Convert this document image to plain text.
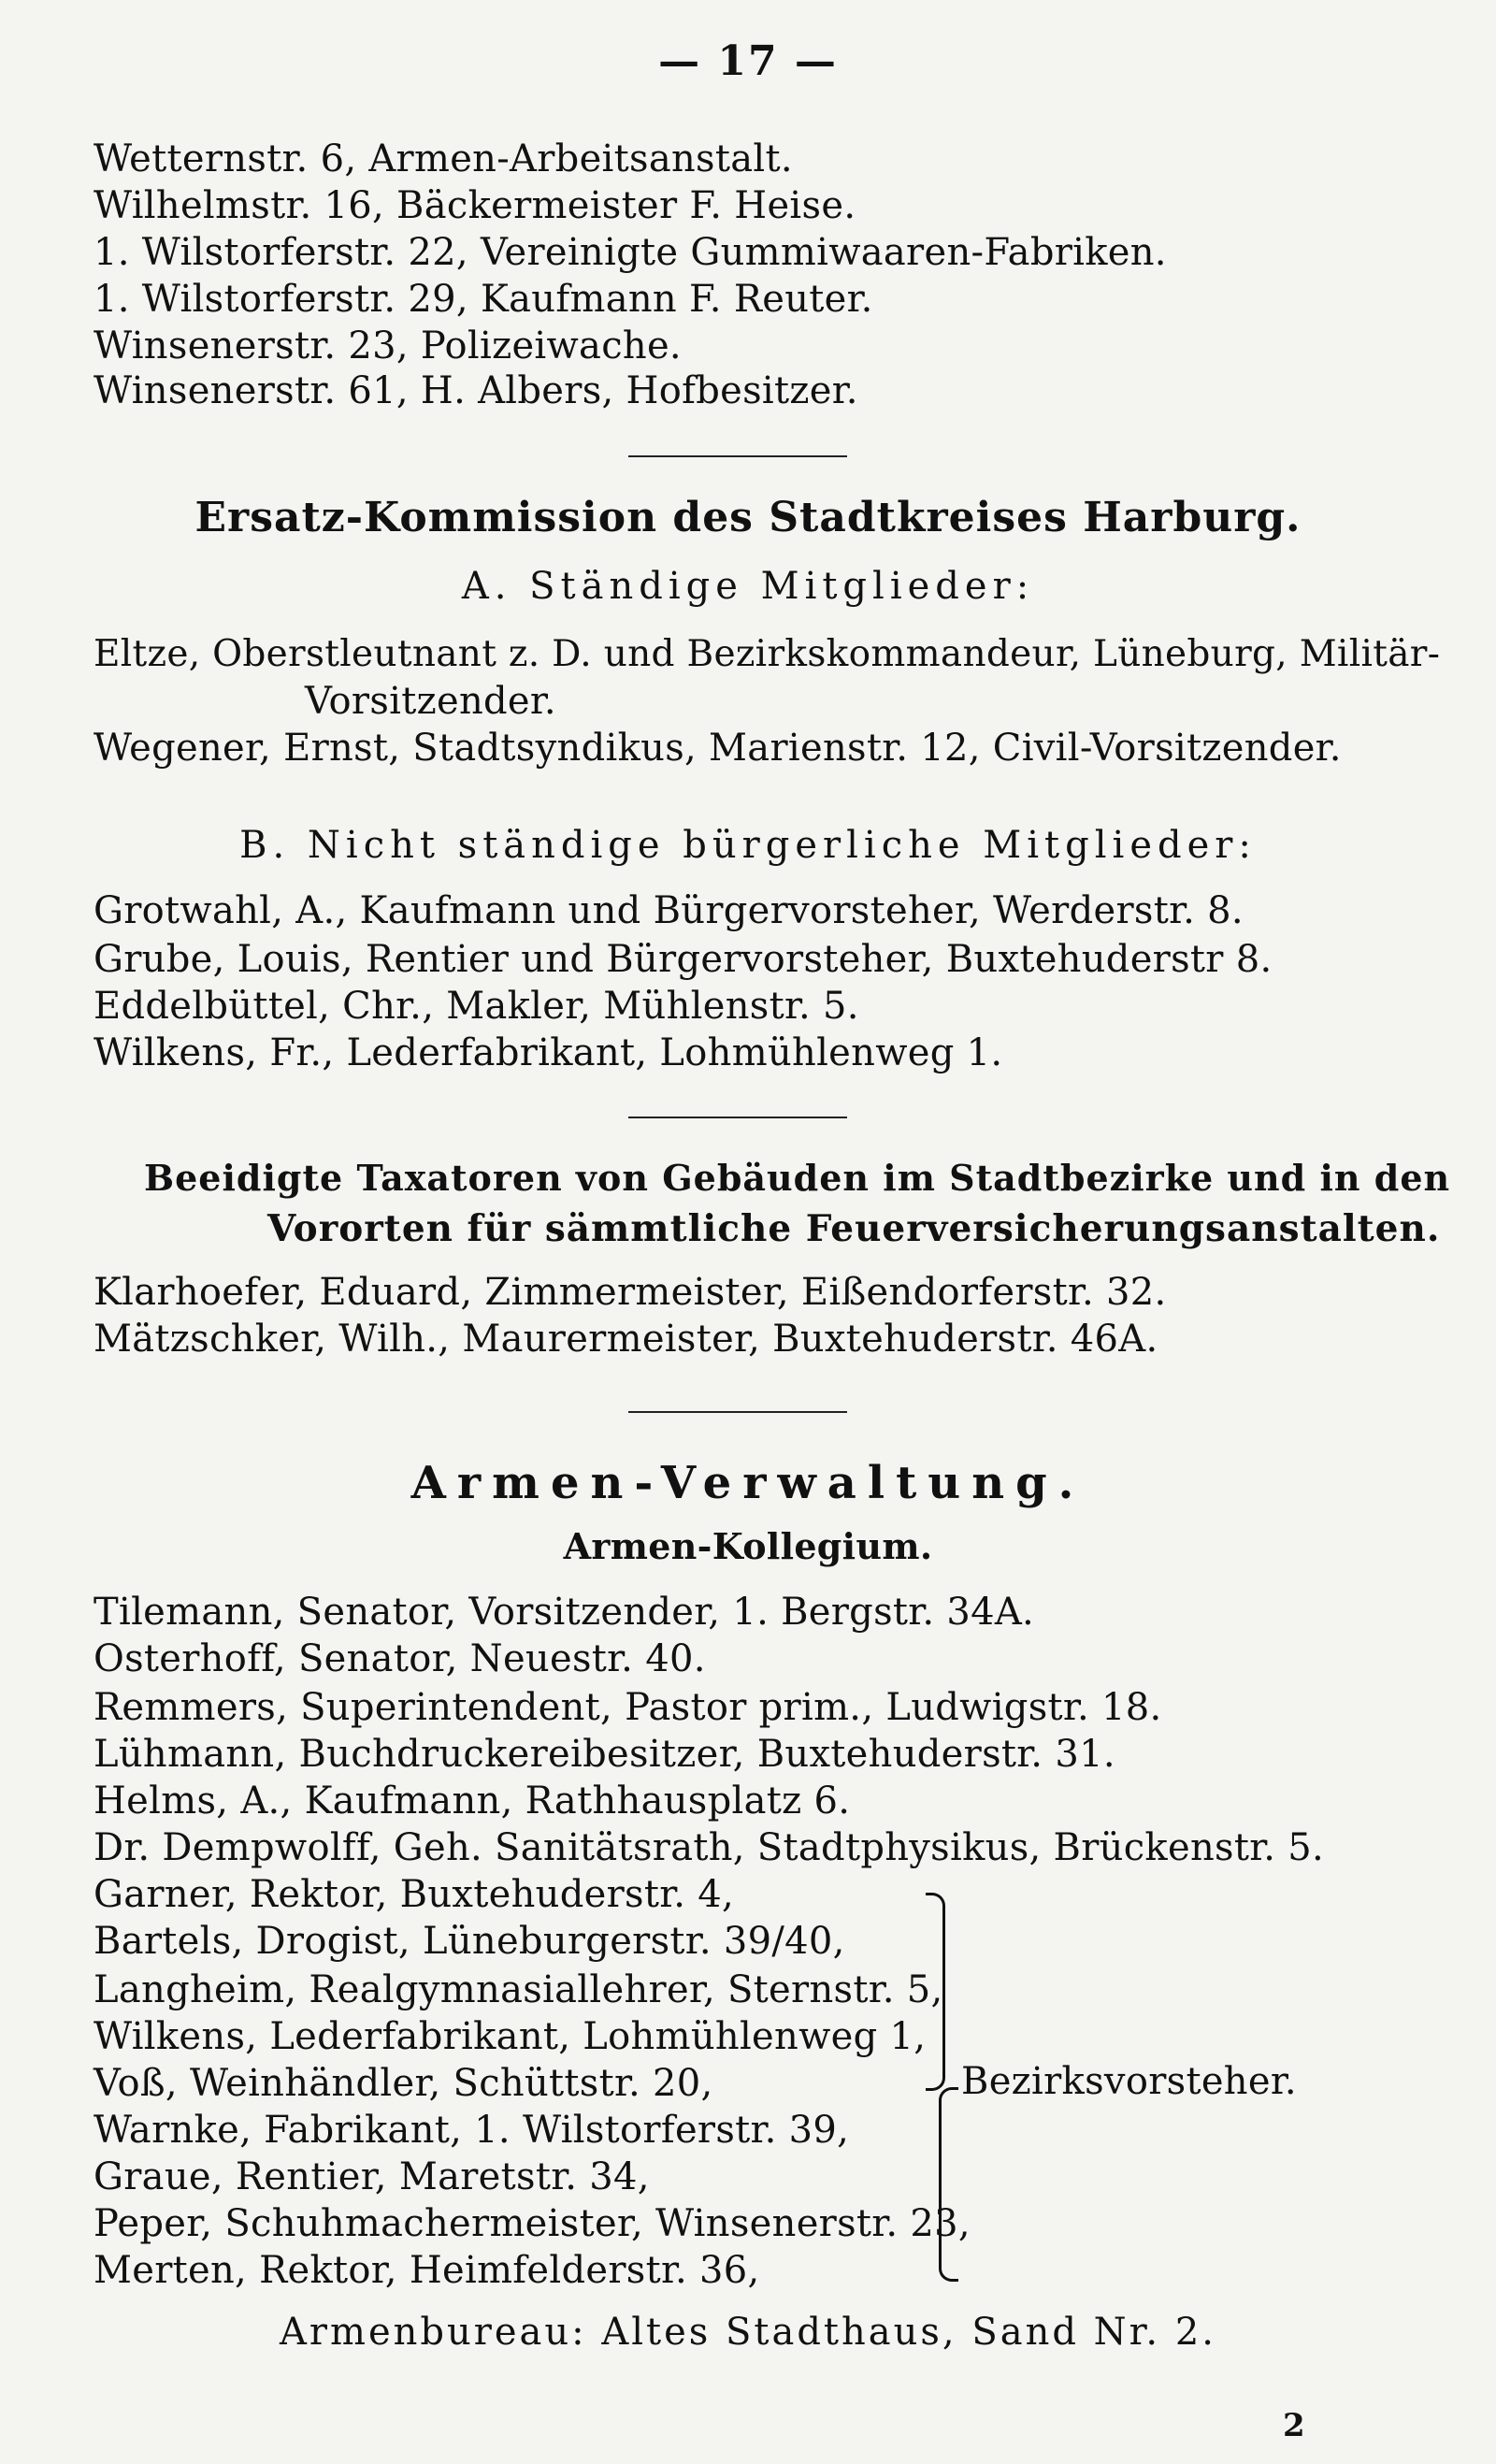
— 17 —
Wetternstr. 6, Armen-Arbeitsanstalt.
Wilhelmstr. 16, Bäckermeister F. Heise.
1. Wilstorferstr. 22, Vereinigte Gummiwaaren-Fabriken.
1. Wilstorferstr. 29, Kaufmann F. Reuter.
Winsenerstr. 23, Polizeiwache.
Winsenerstr. 61, H. Albers, Hofbesitzer.
Ersatz-Kommission des Stadtkreises Harburg.
A. Ständige Mitglieder:
Eltze, Oberstleutnant z. D. und Bezirkskommandeur, Lüneburg, Militär-
Vorsitzender.
Wegener, Ernst, Stadtsyndikus, Marienstr. 12, Civil-Vorsitzender.
B. Nicht ständige bürgerliche Mitglieder:
Grotwahl, A., Kaufmann und Bürgervorsteher, Werderstr. 8.
Grube, Louis, Rentier und Bürgervorsteher, Buxtehuderstr 8.
Eddelbüttel, Chr., Makler, Mühlenstr. 5.
Wilkens, Fr., Lederfabrikant, Lohmühlenweg 1.
Beeidigte Taxatoren von Gebäuden im Stadtbezirke und in den
Vororten für sämmtliche Feuerversicherungsanstalten.
Klarhoefer, Eduard, Zimmermeister, Eißendorferstr. 32.
Mätzschker, Wilh., Maurermeister, Buxtehuderstr. 46A.
Armen-Verwaltung.
Armen-Kollegium.
Tilemann, Senator, Vorsitzender, 1. Bergstr. 34A.
Osterhoff, Senator, Neuestr. 40.
Remmers, Superintendent, Pastor prim., Ludwigstr. 18.
Lühmann, Buchdruckereibesitzer, Buxtehuderstr. 31.
Helms, A., Kaufmann, Rathhausplatz 6.
Dr. Dempwolff, Geh. Sanitätsrath, Stadtphysikus, Brückenstr. 5.
Garner, Rektor, Buxtehuderstr. 4,
Bartels, Drogist, Lüneburgerstr. 39/40,
Langheim, Realgymnasiallehrer, Sternstr. 5,
Wilkens, Lederfabrikant, Lohmühlenweg 1,
Voß, Weinhändler, Schüttstr. 20,
Warnke, Fabrikant, 1. Wilstorferstr. 39,
Graue, Rentier, Maretstr. 34,
Peper, Schuhmachermeister, Winsenerstr. 23,
Merten, Rektor, Heimfelderstr. 36,
Bezirksvorsteher.
Armenbureau: Altes Stadthaus, Sand Nr. 2.
2
